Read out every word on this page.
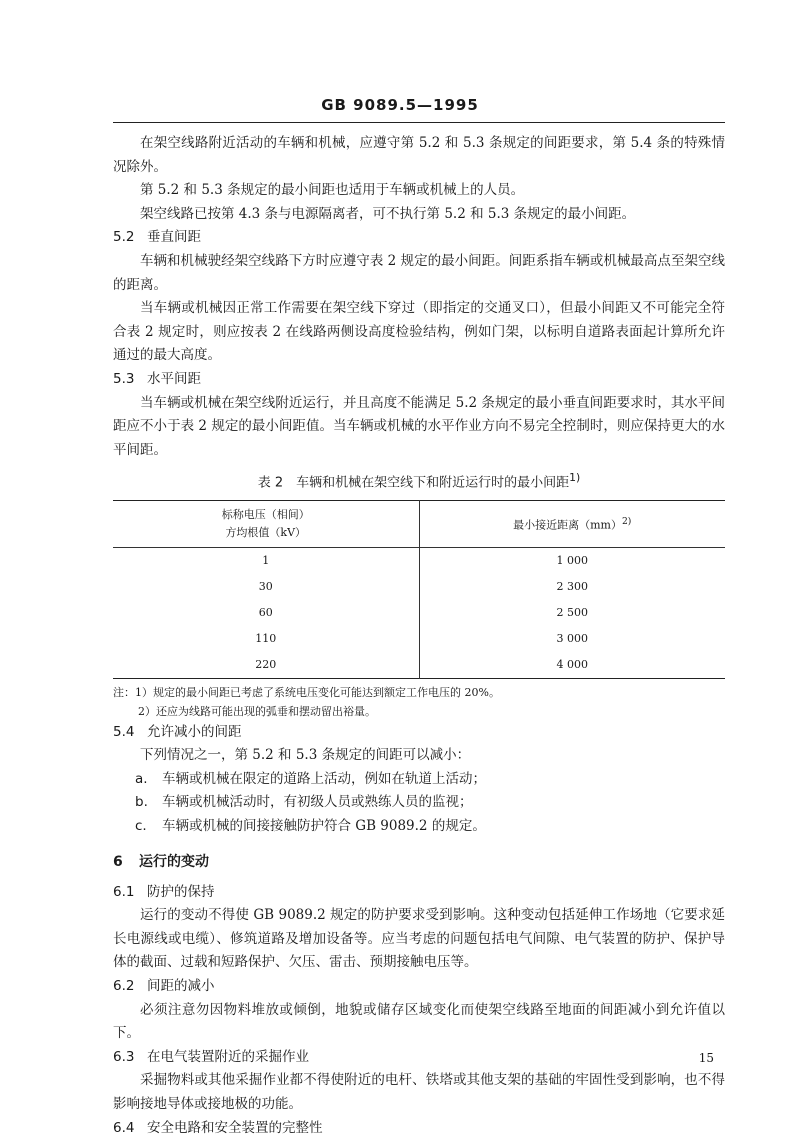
GB 9089.5—1995

在架空线路附近活动的车辆和机械，应遵守第 5.2 和 5.3 条规定的间距要求，第 5.4 条的特殊情况除外。

第 5.2 和 5.3 条规定的最小间距也适用于车辆或机械上的人员。

架空线路已按第 4.3 条与电源隔离者，可不执行第 5.2 和 5.3 条规定的最小间距。

5.2 垂直间距

车辆和机械驶经架空线路下方时应遵守表 2 规定的最小间距。间距系指车辆或机械最高点至架空线的距离。

当车辆或机械因正常工作需要在架空线下穿过（即指定的交通叉口），但最小间距又不可能完全符合表 2 规定时，则应按表 2 在线路两侧设高度检验结构，例如门架，以标明自道路表面起计算所允许通过的最大高度。

5.3 水平间距

当车辆或机械在架空线附近运行，并且高度不能满足 5.2 条规定的最小垂直间距要求时，其水平间距应不小于表 2 规定的最小间距值。当车辆或机械的水平作业方向不易完全控制时，则应保持更大的水平间距。

表 2　车辆和机械在架空线下和附近运行时的最小间距$^{1)}$
标称电压（相间）
方均根值（kV）	最小接近距离（mm）$^{2)}$
1	1 000
30	2 300
60	2 500
110	3 000
220	4 000
注：1）规定的最小间距已考虑了系统电压变化可能达到额定工作电压的 20%。
2）还应为线路可能出现的弧垂和摆动留出裕量。
5.4 允许减小的间距

下列情况之一，第 5.2 和 5.3 条规定的间距可以减小：

a. 车辆或机械在限定的道路上活动，例如在轨道上活动；
b. 车辆或机械活动时，有初级人员或熟练人员的监视；
c. 车辆或机械的间接接触防护符合 GB 9089.2 的规定。
6 运行的变动
6.1 防护的保持

运行的变动不得使 GB 9089.2 规定的防护要求受到影响。这种变动包括延伸工作场地（它要求延长电源线或电缆）、修筑道路及增加设备等。应当考虑的问题包括电气间隙、电气装置的防护、保护导体的截面、过载和短路保护、欠压、雷击、预期接触电压等。

6.2 间距的减小

必须注意勿因物料堆放或倾倒，地貌或储存区域变化而使架空线路至地面的间距减小到允许值以下。

6.3 在电气装置附近的采掘作业

采掘物料或其他采掘作业都不得使附近的电杆、铁塔或其他支架的基础的牢固性受到影响，也不得影响接地导体或接地极的功能。

6.4 安全电路和安全装置的完整性
15
